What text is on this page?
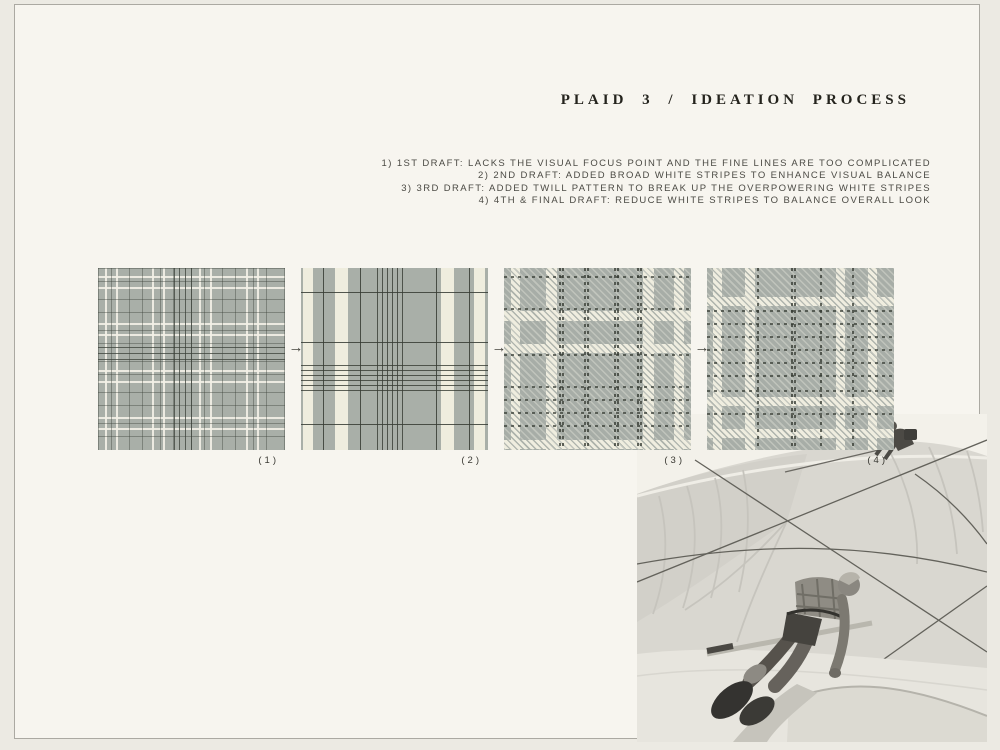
→	→	→
(1)	(2)	(3)	(4)
PLAID 3 / IDEATION PROCESS
1) 1ST DRAFT: LACKS THE VISUAL FOCUS POINT AND THE FINE LINES ARE TOO COMPLICATED
2) 2ND DRAFT: ADDED BROAD WHITE STRIPES TO ENHANCE VISUAL BALANCE
3) 3RD DRAFT: ADDED TWILL PATTERN TO BREAK UP THE OVERPOWERING WHITE STRIPES
4) 4TH & FINAL DRAFT: REDUCE WHITE STRIPES TO BALANCE OVERALL LOOK
